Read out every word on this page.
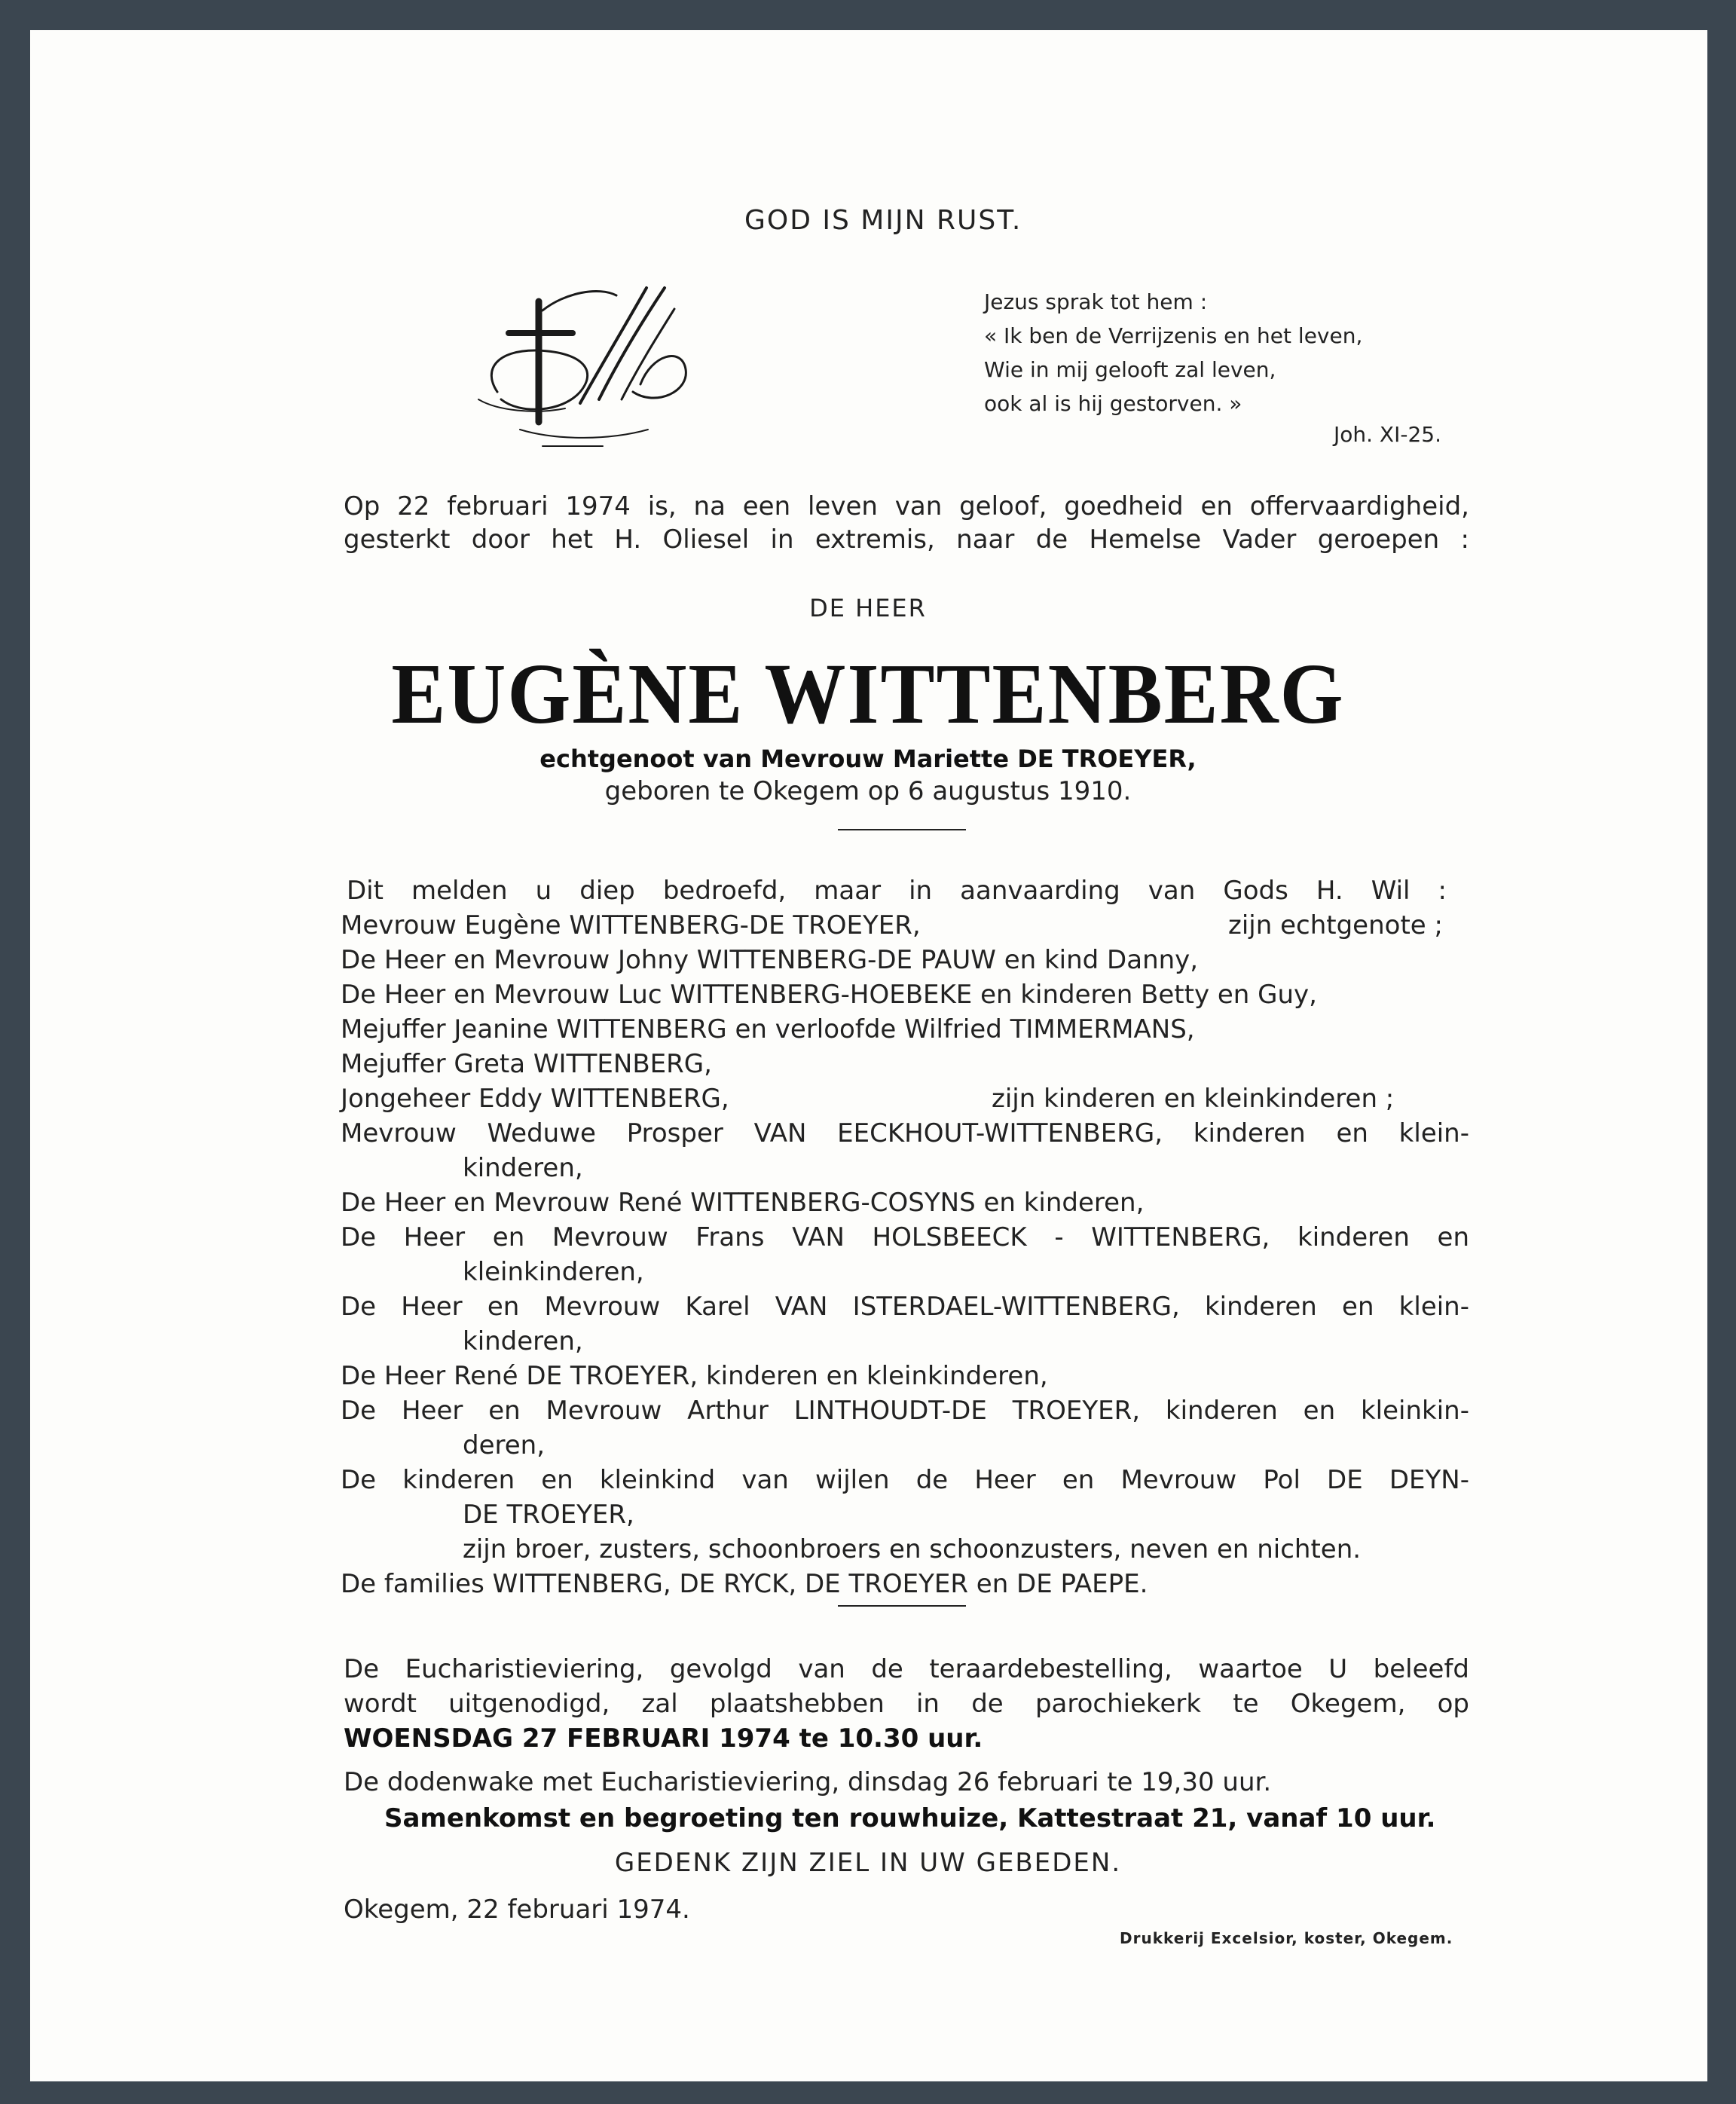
GOD IS MIJN RUST.

Jezus sprak tot hem :
« Ik ben de Verrijzenis en het leven,
Wie in mij gelooft zal leven,
ook al is hij gestorven. »

Joh. XI-25.

Op 22 februari 1974 is, na een leven van geloof, goedheid en offervaardigheid,
gesterkt door het H. Oliesel in extremis, naar de Hemelse Vader geroepen :

DE HEER

EUGÈNE WITTENBERG

echtgenoot van Mevrouw Mariette DE TROEYER,

geboren te Okegem op 6 augustus 1910.

Dit melden u diep bedroefd, maar in aanvaarding van Gods H. Wil :
Mevrouw Eugène WITTENBERG-DE TROEYER,	zijn echtgenote ;
De Heer en Mevrouw Johny WITTENBERG-DE PAUW en kind Danny,
De Heer en Mevrouw Luc WITTENBERG-HOEBEKE en kinderen Betty en Guy,
Mejuffer Jeanine WITTENBERG en verloofde Wilfried TIMMERMANS,
Mejuffer Greta WITTENBERG,
Jongeheer Eddy WITTENBERG,	zijn kinderen en kleinkinderen ;
Mevrouw Weduwe Prosper VAN EECKHOUT-WITTENBERG, kinderen en klein-
kinderen,
De Heer en Mevrouw René WITTENBERG-COSYNS en kinderen,
De Heer en Mevrouw Frans VAN HOLSBEECK - WITTENBERG, kinderen en
kleinkinderen,
De Heer en Mevrouw Karel VAN ISTERDAEL-WITTENBERG, kinderen en klein-
kinderen,
De Heer René DE TROEYER, kinderen en kleinkinderen,
De Heer en Mevrouw Arthur LINTHOUDT-DE TROEYER, kinderen en kleinkin-
deren,
De kinderen en kleinkind van wijlen de Heer en Mevrouw Pol DE DEYN-
DE TROEYER,
zijn broer, zusters, schoonbroers en schoonzusters, neven en nichten.
De families WITTENBERG, DE RYCK, DE TROEYER en DE PAEPE.
De Eucharistieviering, gevolgd van de teraardebestelling, waartoe U beleefd
wordt uitgenodigd, zal plaatshebben in de parochiekerk te Okegem, op
WOENSDAG 27 FEBRUARI 1974 te 10.30 uur.
De dodenwake met Eucharistieviering, dinsdag 26 februari te 19,30 uur.
Samenkomst en begroeting ten rouwhuize, Kattestraat 21, vanaf 10 uur.

GEDENK ZIJN ZIEL IN UW GEBEDEN.

Okegem, 22 februari 1974.

Drukkerij Excelsior, koster, Okegem.
